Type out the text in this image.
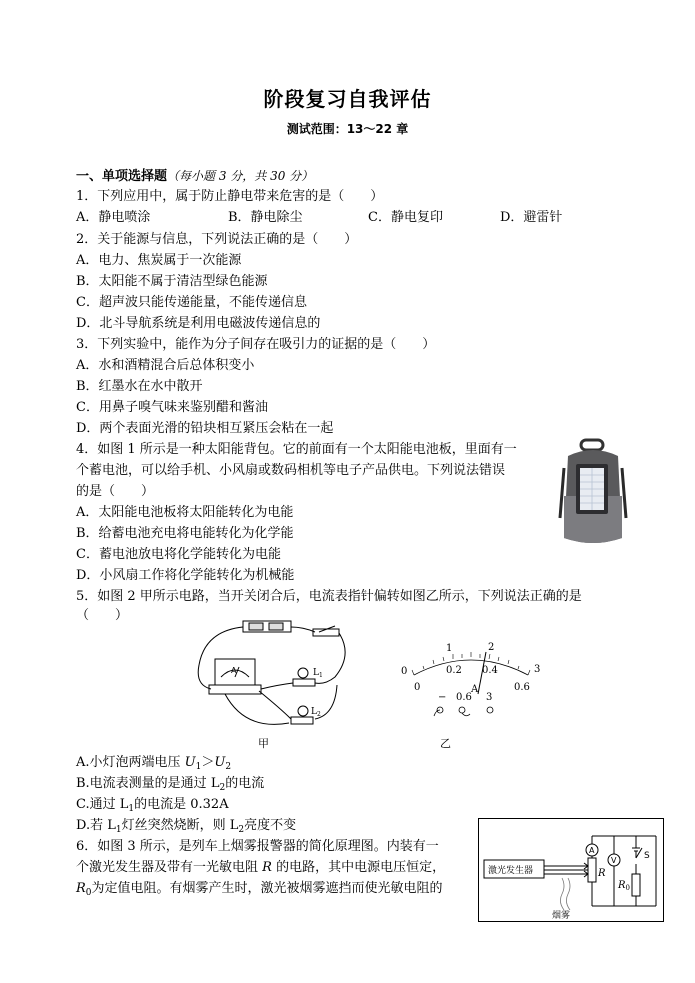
阶段复习自我评估
测试范围：13～22 章
一、单项选择题（每小题 3 分，共 30 分）
1．下列应用中，属于防止静电带来危害的是（　　）
A．静电喷涂	B．静电除尘	C．静电复印	D．避雷针
2．关于能源与信息，下列说法正确的是（　　）
A．电力、焦炭属于一次能源
B．太阳能不属于清洁型绿色能源
C．超声波只能传递能量，不能传递信息
D．北斗导航系统是利用电磁波传递信息的
3．下列实验中，能作为分子间存在吸引力的证据的是（　　）
A．水和酒精混合后总体积变小
B．红墨水在水中散开
C．用鼻子嗅气味来鉴别醋和酱油
D．两个表面光滑的铅块相互紧压会粘在一起
4．如图 1 所示是一种太阳能背包。它的前面有一个太阳能电池板，里面有一
个蓄电池，可以给手机、小风扇或数码相机等电子产品供电。下列说法错误
的是（　　）
A．太阳能电池板将太阳能转化为电能
B．给蓄电池充电将电能转化为化学能
C．蓄电池放电将化学能转化为电能
D．小风扇工作将化学能转化为机械能
5．如图 2 甲所示电路，当开关闭合后，电流表指针偏转如图乙所示，下列说法正确的是
（　　）
A	$L_1$
$L_2$
甲
0
1	2
3
0.2 0.4
0	0.6
A
− 0.6 3
乙
A.小灯泡两端电压 $U_1>U_2$
B.电流表测量的是通过 $L_2$的电流
C.通过 $L_1$的电流是 0.32A
D.若 $L_1$灯丝突然烧断，则 $L_2$亮度不变
6．如图 3 所示，是列车上烟雾报警器的简化原理图。内装有一
个激光发生器及带有一光敏电阻 R 的电路，其中电源电压恒定，
$R_0$为定值电阻。有烟雾产生时，激光被烟雾遮挡而使光敏电阻的
激光发生器
烟雾
A
V	S
R
$R_0$
